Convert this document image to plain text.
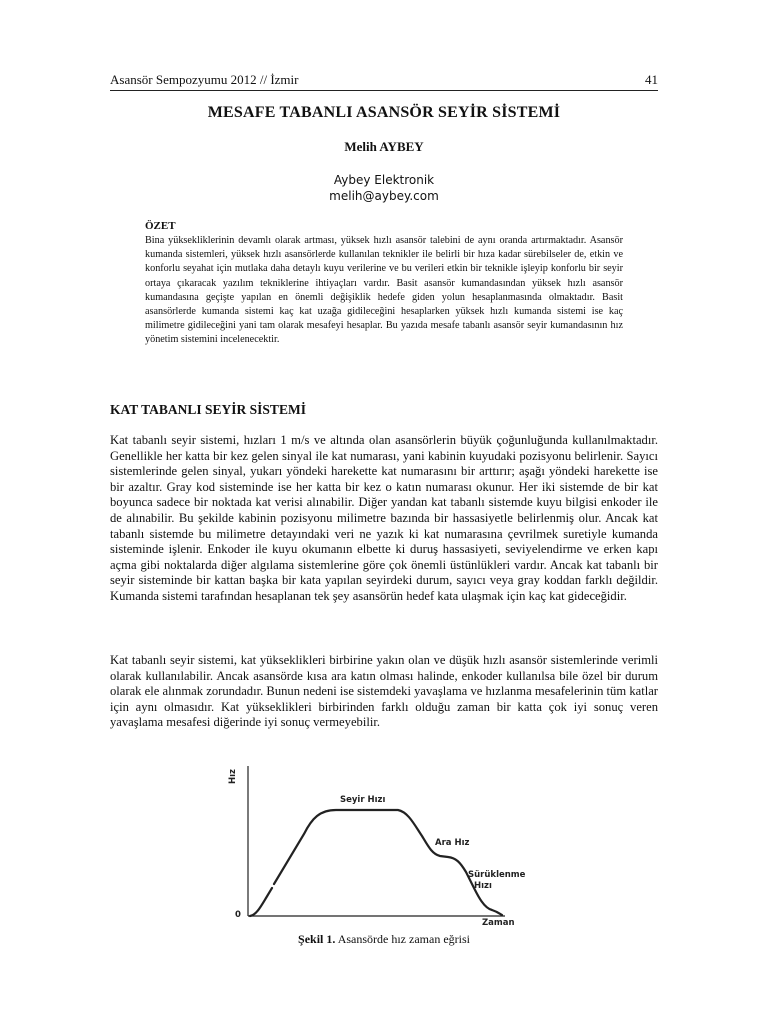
Asansör Sempozyumu 2012 // İzmir	41
MESAFE TABANLI ASANSÖR SEYİR SİSTEMİ
Melih AYBEY
Aybey Elektronik
melih@aybey.com

ÖZET

Bina yüksekliklerinin devamlı olarak artması, yüksek hızlı asansör talebini de aynı oranda artırmaktadır. Asansör kumanda sistemleri, yüksek hızlı asansörlerde kullanılan teknikler ile belirli bir hıza kadar sürebilseler de, etkin ve konforlu seyahat için mutlaka daha detaylı kuyu verilerine ve bu verileri etkin bir teknikle işleyip konforlu bir seyir ortaya çıkaracak yazılım tekniklerine ihtiyaçları vardır. Basit asansör kumandasından yüksek hızlı asansör kumandasına geçişte yapılan en önemli değişiklik hedefe giden yolun hesaplanmasında olmaktadır. Basit asansörlerde kumanda sistemi kaç kat uzağa gidileceğini hesaplarken yüksek hızlı kumanda sistemi ise kaç milimetre gidileceğini yani tam olarak mesafeyi hesaplar. Bu yazıda mesafe tabanlı asansör seyir kumandasının hız yönetim sistemini incelenecektir.

KAT TABANLI SEYİR SİSTEMİ

Kat tabanlı seyir sistemi, hızları 1 m/s ve altında olan asansörlerin büyük çoğunluğunda kullanılmaktadır. Genellikle her katta bir kez gelen sinyal ile kat numarası, yani kabinin kuyudaki pozisyonu belirlenir. Sayıcı sistemlerinde gelen sinyal, yukarı yöndeki harekette kat numarasını bir arttırır; aşağı yöndeki harekette ise bir azaltır. Gray kod sisteminde ise her katta bir kez o katın numarası okunur. Her iki sistemde de bir kat boyunca sadece bir noktada kat verisi alınabilir. Diğer yandan kat tabanlı sistemde kuyu bilgisi enkoder ile de alınabilir. Bu şekilde kabinin pozisyonu milimetre bazında bir hassasiyetle belirlenmiş olur. Ancak kat tabanlı sistemde bu milimetre detayındaki veri ne yazık ki kat numarasına çevrilmek suretiyle kumanda sisteminde işlenir. Enkoder ile kuyu okumanın elbette ki duruş hassasiyeti, seviyelendirme ve erken kapı açma gibi noktalarda diğer algılama sistemlerine göre çok önemli üstünlükleri vardır. Ancak kat tabanlı bir seyir sisteminde bir kattan başka bir kata yapılan seyirdeki durum, sayıcı veya gray koddan farklı değildir. Kumanda sistemi tarafından hesaplanan tek şey asansörün hedef kata ulaşmak için kaç kat gideceğidir.

Kat tabanlı seyir sistemi, kat yükseklikleri birbirine yakın olan ve düşük hızlı asansör sistemlerinde verimli olarak kullanılabilir. Ancak asansörde kısa ara katın olması halinde, enkoder kullanılsa bile özel bir durum olarak ele alınmak zorundadır. Bunun nedeni ise sistemdeki yavaşlama ve hızlanma mesafelerinin tüm katlar için aynı olmasıdır. Kat yükseklikleri birbirinden farklı olduğu zaman bir katta çok iyi sonuç veren yavaşlama mesafesi diğerinde iyi sonuç vermeyebilir.

Hız
0
Zaman
Seyir Hızı
Ara Hız
Sürüklenme
Hızı
Şekil 1. Asansörde hız zaman eğrisi
